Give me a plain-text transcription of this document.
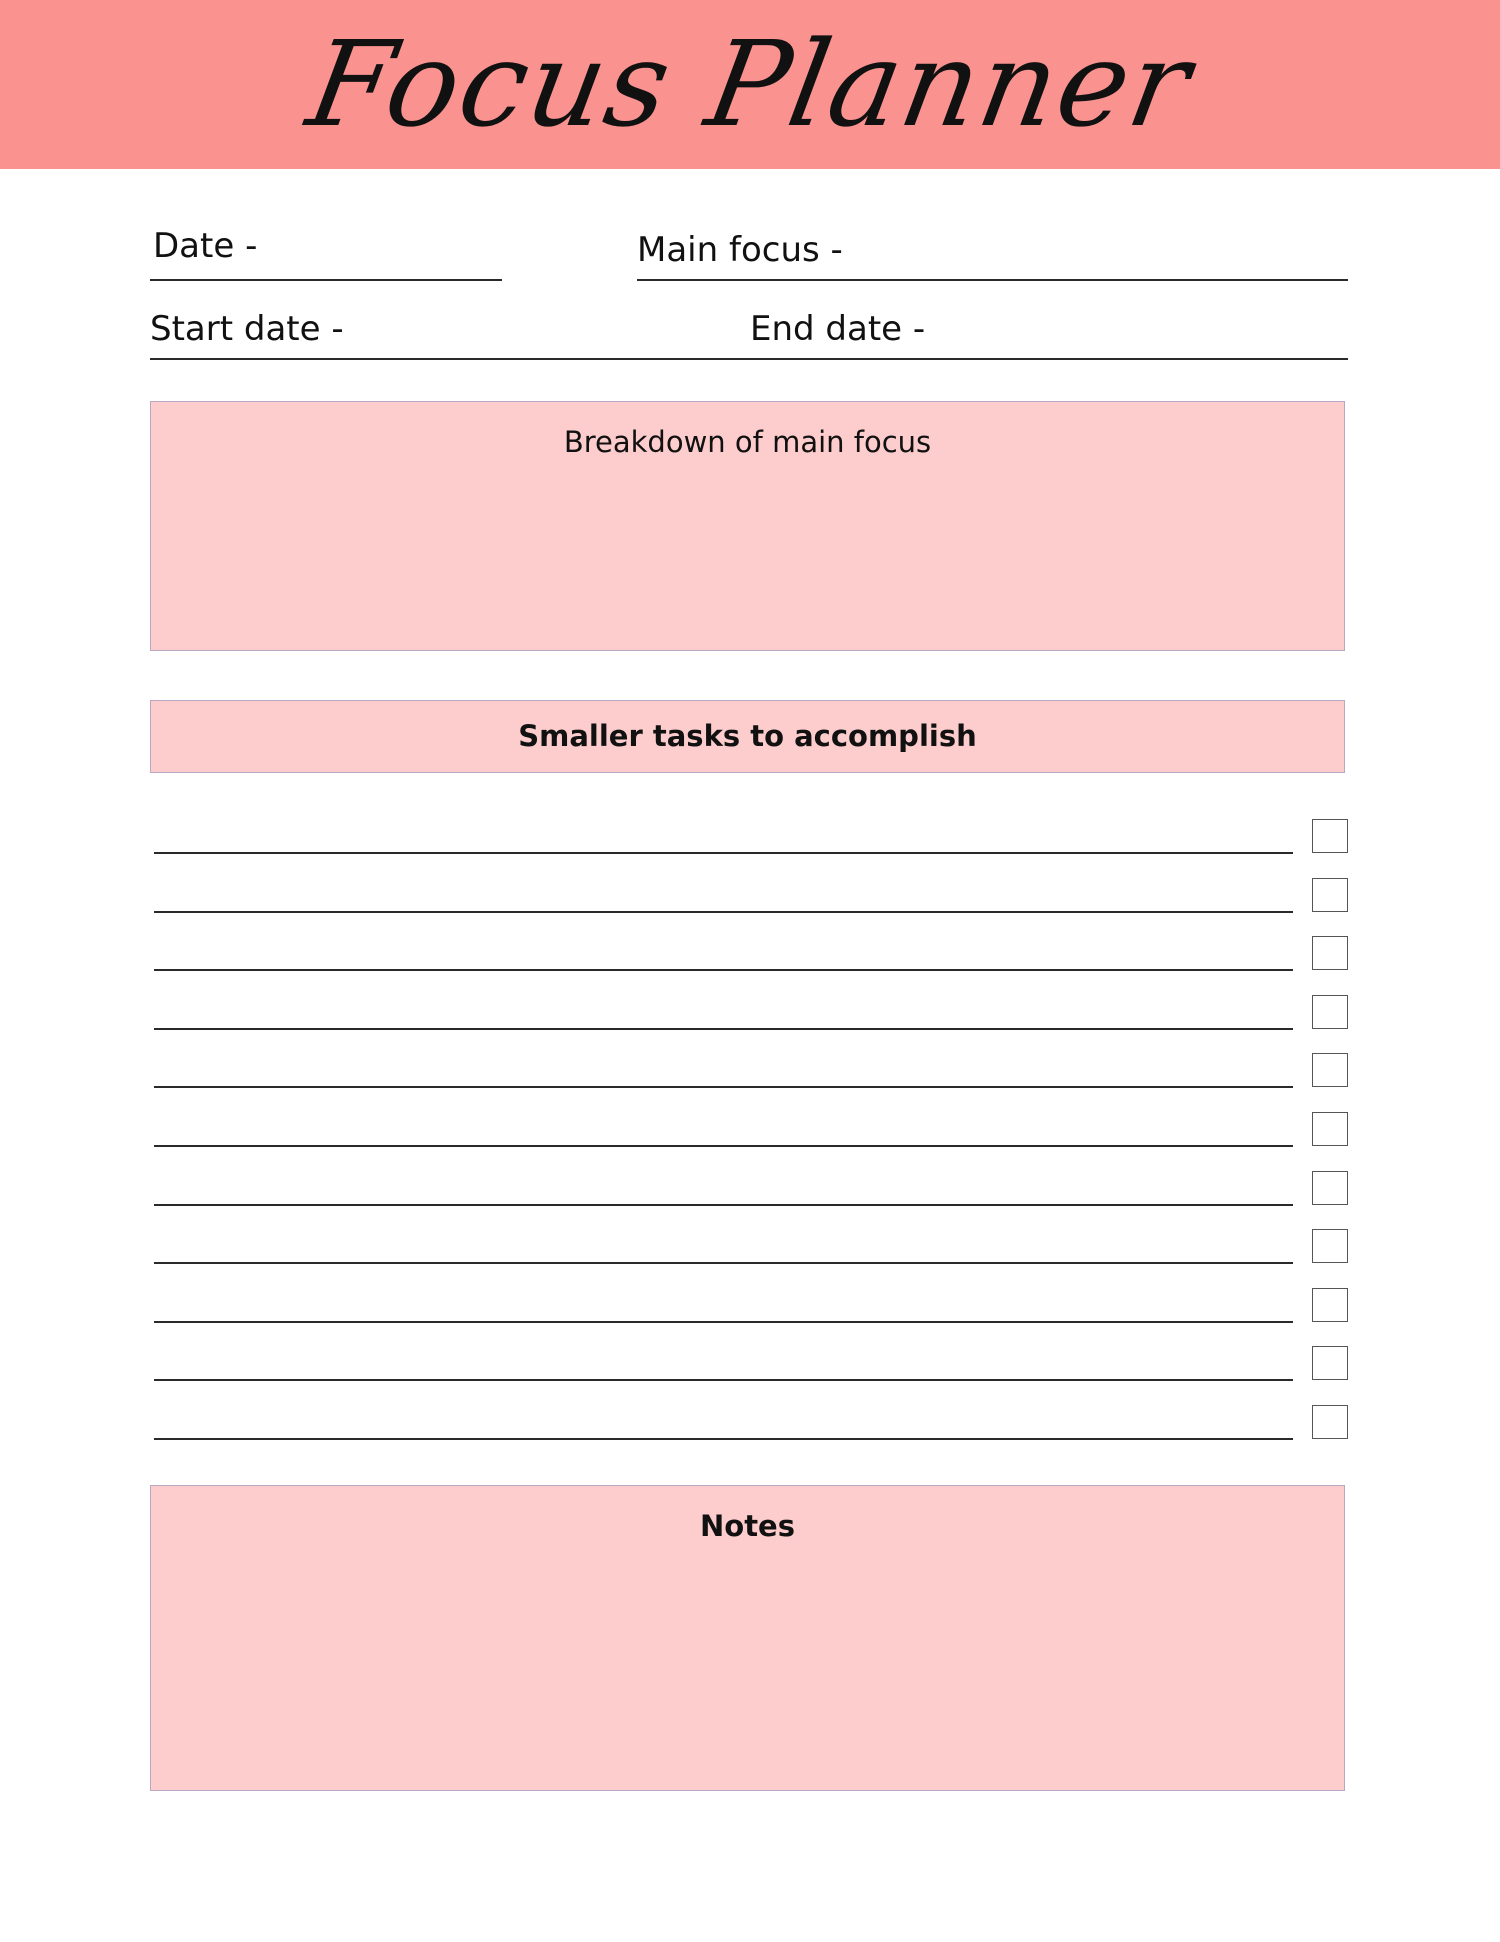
Focus Planner
Date -	Main focus -
Start date -	End date -
Breakdown of main focus
Smaller tasks to accomplish
Notes
